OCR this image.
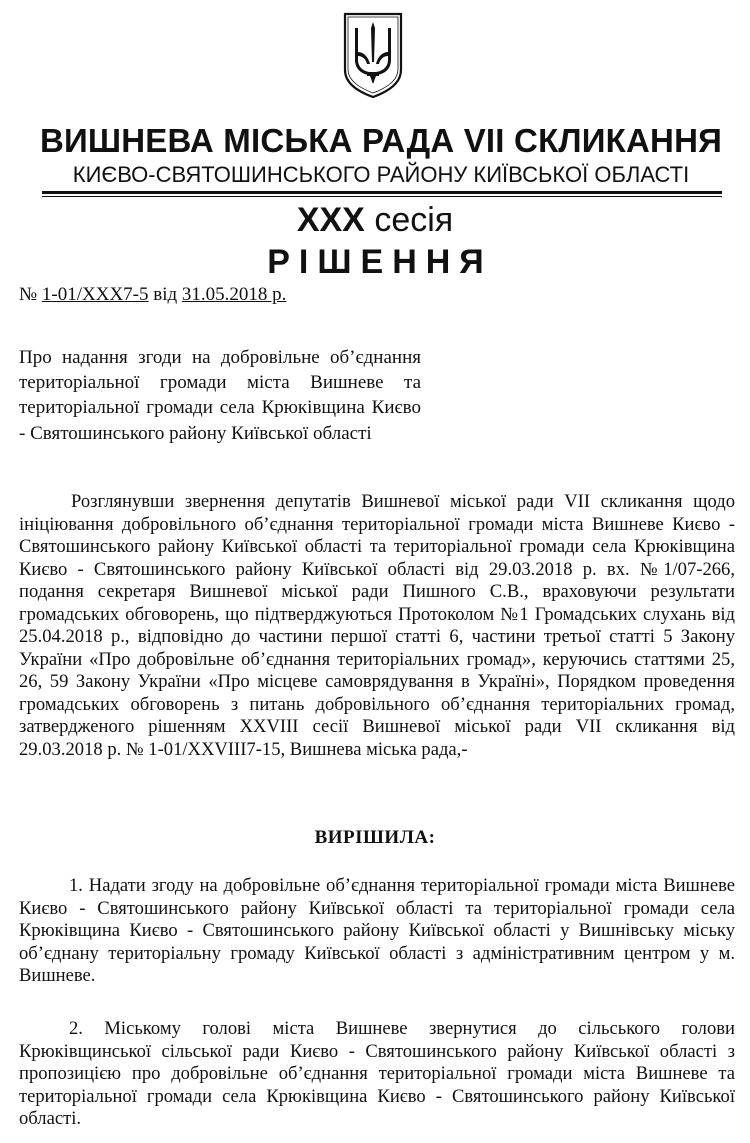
ВИШНЕВА МІСЬКА РАДА VII СКЛИКАННЯ
КИЄВО-СВЯТОШИНСЬКОГО РАЙОНУ КИЇВСЬКОЇ ОБЛАСТІ
ХХХ сесія
РІШЕННЯ
№ 1-01/ХХХ7-5 від 31.05.2018 р.
Про надання згоди на добровільне об’єднання територіальної громади міста Вишневе та територіальної громади села Крюківщина Києво - Святошинського району Київської області
Розглянувши звернення депутатів Вишневої міської ради VII скликання щодо ініціювання добровільного об’єднання територіальної громади міста Вишневе Києво - Святошинського району Київської області та територіальної громади села Крюківщина Києво - Святошинського району Київської області від 29.03.2018 р. вх. №1/07-266, подання секретаря Вишневої міської ради Пишного С.В., враховуючи результати громадських обговорень, що підтверджуються Протоколом №1 Громадських слухань від 25.04.2018 р., відповідно до частини першої статті 6, частини третьої статті 5 Закону України «Про добровільне об’єднання територіальних громад», керуючись статтями 25, 26, 59 Закону України «Про місцеве самоврядування в Україні», Порядком проведення громадських обговорень з питань добровільного об’єднання територіальних громад, затвердженого рішенням XXVIII сесії Вишневої міської ради VII скликання від 29.03.2018 р. № 1-01/XXVIII7-15, Вишнева міська рада,-
ВИРІШИЛА:
1. Надати згоду на добровільне об’єднання територіальної громади міста Вишневе Києво - Святошинського району Київської області та територіальної громади села Крюківщина Києво - Святошинського району Київської області у Вишнівську міську об’єднану територіальну громаду Київської області з адміністративним центром у м. Вишневе.
2. Міському голові міста Вишневе звернутися до сільського голови Крюківщинської сільської ради Києво - Святошинського району Київської області з пропозицією про добровільне об’єднання територіальної громади міста Вишневе та територіальної громади села Крюківщина Києво - Святошинського району Київської області.
